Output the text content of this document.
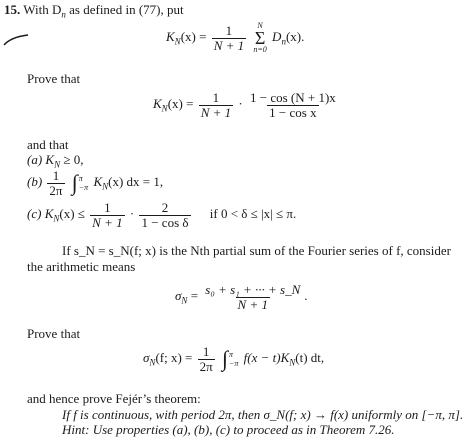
15. With $D_n$ as defined in (77), put
$K_N(x) = \frac{1}{N + 1}$
N
Σ
n=0
$D_n(x)$.
Prove that
$K_N(x) = \frac{1}{N + 1} \cdot \frac{1 - \cos (N + 1)x}{\text{1 − cos x}}$
and that
(a) $K_N \ge 0$,
$(b) \frac{1}{2\pi}$
∫ π
−π $K_N(x)$ dx = 1,
(c) $K_N(x) \le \frac{1}{N + 1} \cdot \frac{2}{\text{1 − cos δ}}$ if 0 < δ ≤ |x| ≤ π.
If s_N = s_N(f; x) is the Nth partial sum of the Fourier series of f, consider
the arithmetic means
$\sigma_N = \frac{\text{s₀ + s₁ + ··· + s\_N}}{N + 1}$ .
Prove that
$\sigma_N(f$; $x) = \frac{1}{2\pi}$
∫ π
−π $f(x - t)K_N(t)$ dt,
and hence prove Fejér’s theorem:
If f is continuous, with period 2π, then σ_N(f; x) → f(x) uniformly on [−π, π].
Hint: Use properties (a), (b), (c) to proceed as in Theorem 7.26.
